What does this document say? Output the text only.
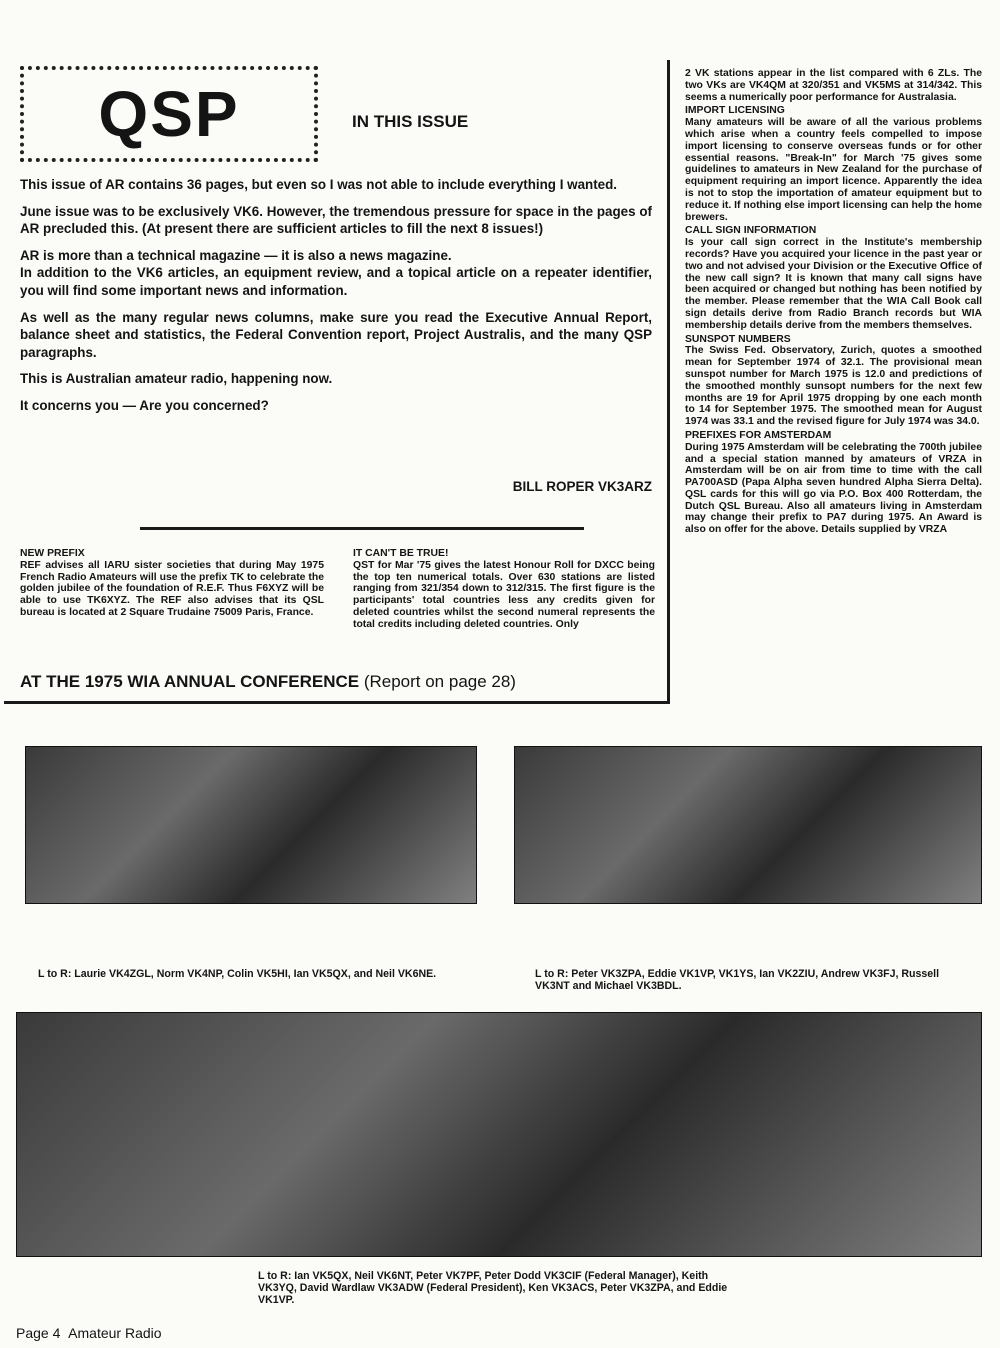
QSP	IN THIS ISSUE

This issue of AR contains 36 pages, but even so I was not able to include everything I wanted.

June issue was to be exclusively VK6. However, the tremendous pressure for space in the pages of AR precluded this. (At present there are sufficient articles to fill the next 8 issues!)

AR is more than a technical magazine — it is also a news magazine.

In addition to the VK6 articles, an equipment review, and a topical article on a repeater identifier, you will find some important news and information.

As well as the many regular news columns, make sure you read the Executive Annual Report, balance sheet and statistics, the Federal Convention report, Project Australis, and the many QSP paragraphs.

This is Australian amateur radio, happening now.

It concerns you — Are you concerned?

BILL ROPER VK3ARZ
NEW PREFIX
REF advises all IARU sister societies that during May 1975 French Radio Amateurs will use the prefix TK to celebrate the golden jubilee of the foundation of R.E.F. Thus F6XYZ will be able to use TK6XYZ. The REF also advises that its QSL bureau is located at 2 Square Trudaine 75009 Paris, France.
IT CAN'T BE TRUE!
QST for Mar '75 gives the latest Honour Roll for DXCC being the top ten numerical totals. Over 630 stations are listed ranging from 321/354 down to 312/315. The first figure is the participants' total countries less any credits given for deleted countries whilst the second numeral represents the total credits including deleted countries. Only
2 VK stations appear in the list compared with 6 ZLs. The two VKs are VK4QM at 320/351 and VK5MS at 314/342. This seems a numerically poor performance for Australasia.
IMPORT LICENSING
Many amateurs will be aware of all the various problems which arise when a country feels compelled to impose import licensing to conserve overseas funds or for other essential reasons. "Break-In" for March '75 gives some guidelines to amateurs in New Zealand for the purchase of equipment requiring an import licence. Apparently the idea is not to stop the importation of amateur equipment but to reduce it. If nothing else import licensing can help the home brewers.
CALL SIGN INFORMATION
Is your call sign correct in the Institute's membership records? Have you acquired your licence in the past year or two and not advised your Division or the Executive Office of the new call sign? It is known that many call signs have been acquired or changed but nothing has been notified by the member. Please remember that the WIA Call Book call sign details derive from Radio Branch records but WIA membership details derive from the members themselves.
SUNSPOT NUMBERS
The Swiss Fed. Observatory, Zurich, quotes a smoothed mean for September 1974 of 32.1. The provisional mean sunspot number for March 1975 is 12.0 and predictions of the smoothed monthly sunsopt numbers for the next few months are 19 for April 1975 dropping by one each month to 14 for September 1975. The smoothed mean for August 1974 was 33.1 and the revised figure for July 1974 was 34.0.
PREFIXES FOR AMSTERDAM
During 1975 Amsterdam will be celebrating the 700th jubilee and a special station manned by amateurs of VRZA in Amsterdam will be on air from time to time with the call PA700ASD (Papa Alpha seven hundred Alpha Sierra Delta). QSL cards for this will go via P.O. Box 400 Rotterdam, the Dutch QSL Bureau. Also all amateurs living in Amsterdam may change their prefix to PA7 during 1975. An Award is also on offer for the above. Details supplied by VRZA
AT THE 1975 WIA ANNUAL CONFERENCE (Report on page 28)
L to R: Laurie VK4ZGL, Norm VK4NP, Colin VK5HI, Ian VK5QX, and Neil VK6NE.	L to R: Peter VK3ZPA, Eddie VK1VP, VK1YS, Ian VK2ZIU, Andrew VK3FJ, Russell VK3NT and Michael VK3BDL.
L to R: Ian VK5QX, Neil VK6NT, Peter VK7PF, Peter Dodd VK3CIF (Federal Manager), Keith VK3YQ, David Wardlaw VK3ADW (Federal President), Ken VK3ACS, Peter VK3ZPA, and Eddie VK1VP.
Page 4 Amateur Radio
